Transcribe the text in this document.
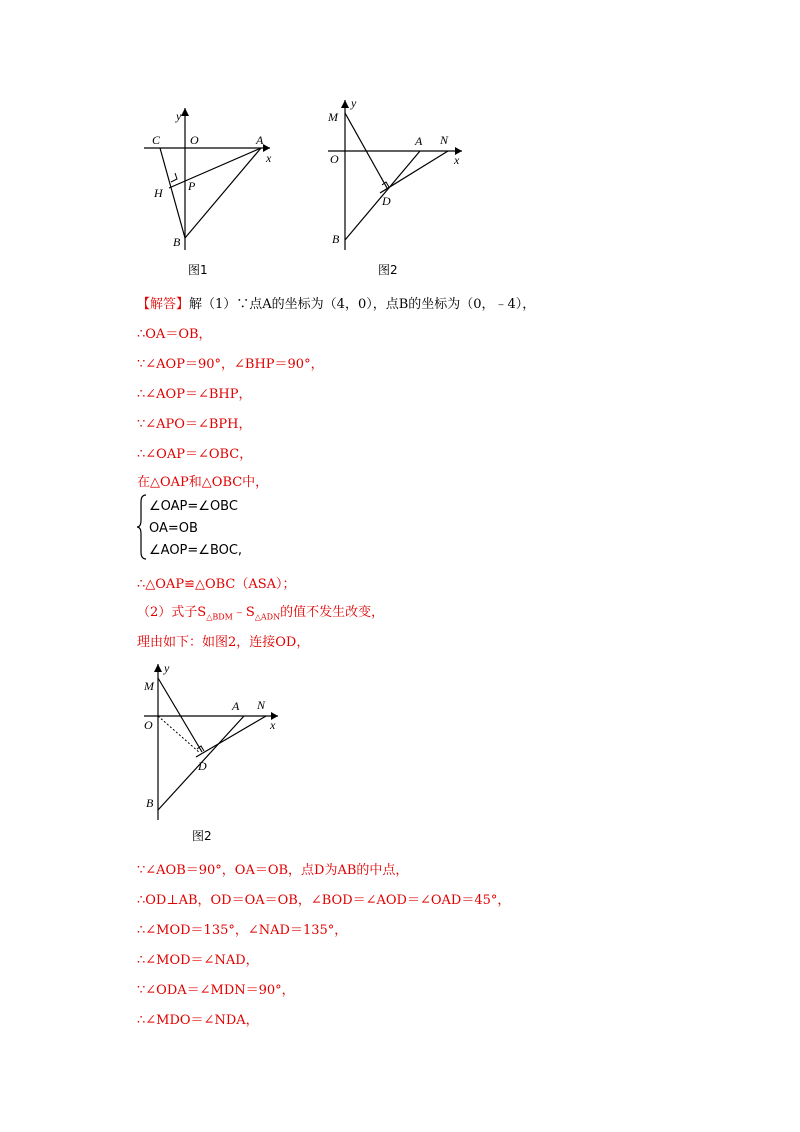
C
y
O	A
x
H P
B
图1
M
y
A N
O	x
D
B
图2
【解答】解（1）∵点A的坐标为（4，0），点B的坐标为（0，﹣4），
∴OA＝OB，
∵∠AOP＝90°，∠BHP＝90°，
∴∠AOP＝∠BHP，
∵∠APO＝∠BPH，
∴∠OAP＝∠OBC，
在△OAP和△OBC中，
∠OAP=∠OBC
OA=OB
∠AOP=∠BOC,
∴△OAP≌△OBC（ASA）；
（2）式子$S_{\triangle BDM}﹣S_{\triangle ADN}$的值不发生改变，
理由如下：如图2，连接OD，
M
y
A N
O	x
D
B
图2
∵∠AOB＝90°，OA＝OB，点D为AB的中点，
∴OD⊥AB，OD＝OA＝OB，∠BOD＝∠AOD＝∠OAD＝45°，
∴∠MOD＝135°，∠NAD＝135°，
∴∠MOD＝∠NAD，
∵∠ODA＝∠MDN＝90°，
∴∠MDO＝∠NDA，
